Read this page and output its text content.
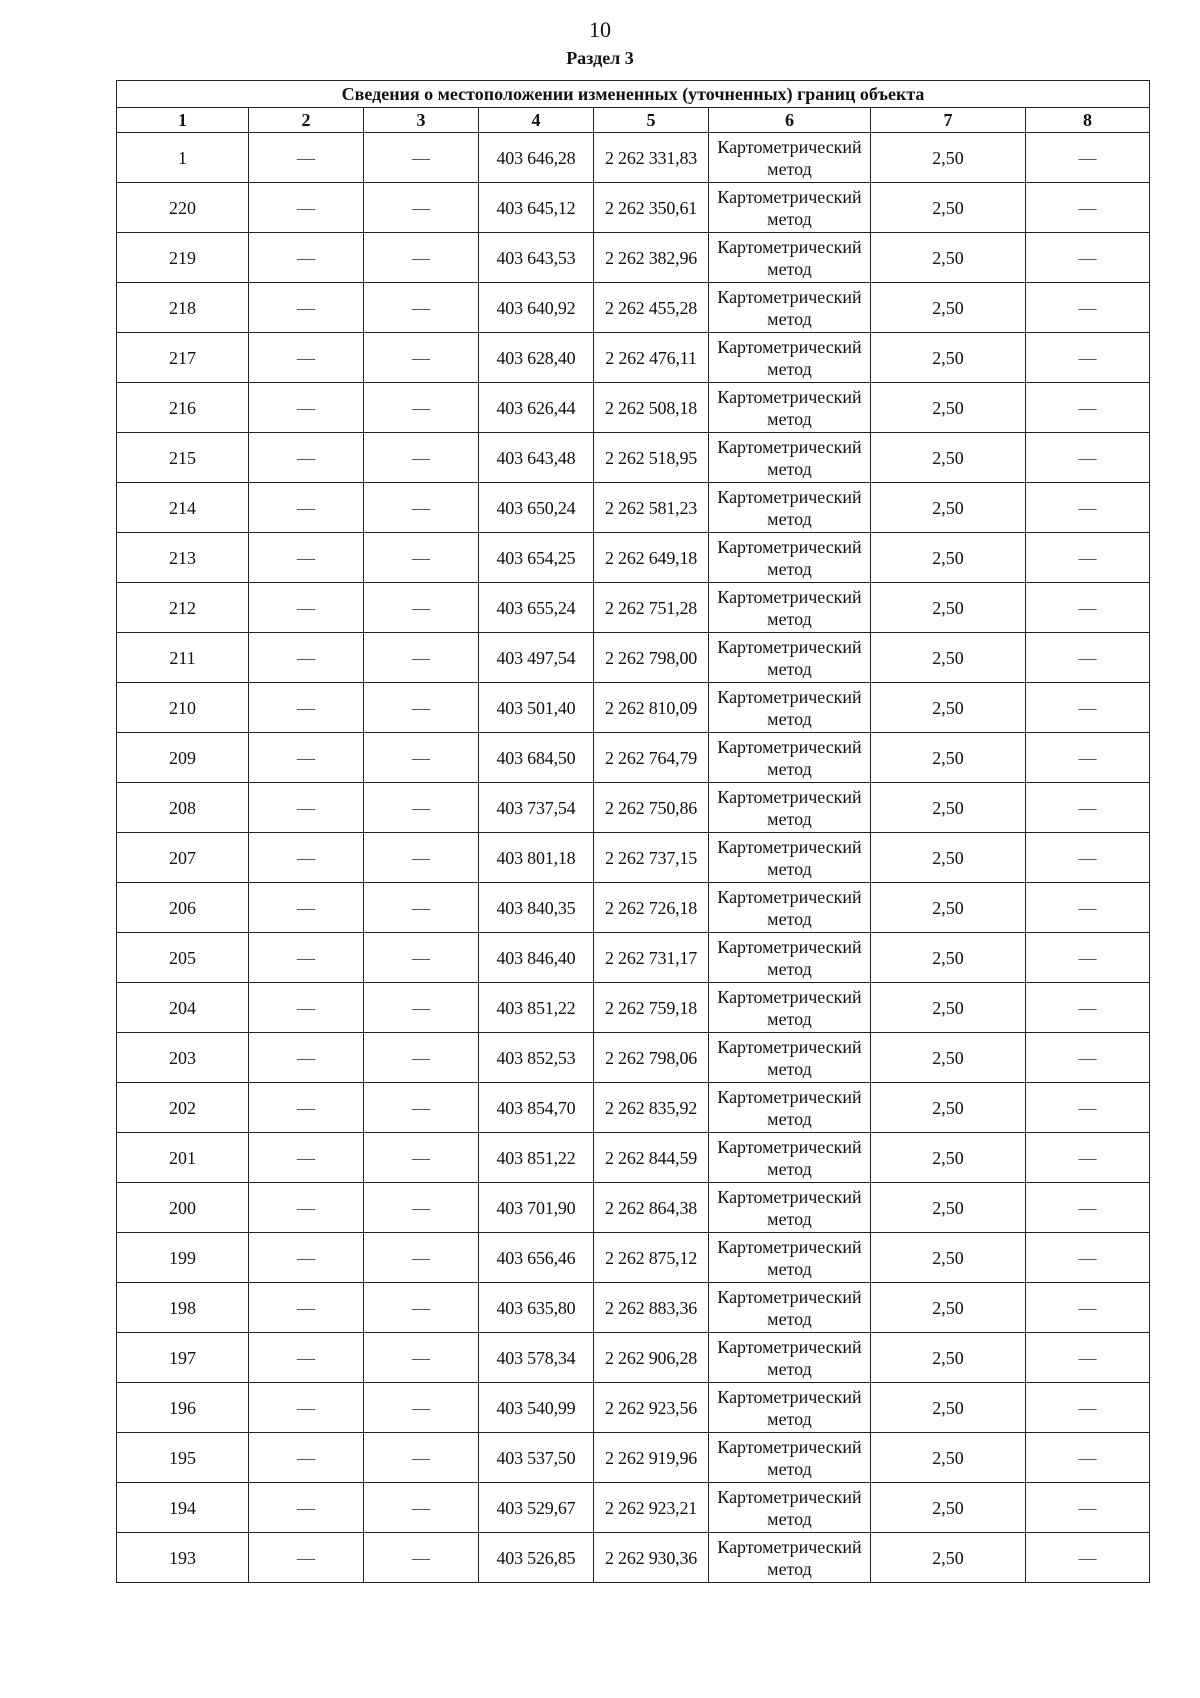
10
Раздел 3
Сведения о местоположении измененных (уточненных) границ объекта							
1	2	3	4	5	6	7	8
1	—	—	403 646,28	2 262 331,83	Картометрический метод	2,50	—
220	—	—	403 645,12	2 262 350,61	Картометрический метод	2,50	—
219	—	—	403 643,53	2 262 382,96	Картометрический метод	2,50	—
218	—	—	403 640,92	2 262 455,28	Картометрический метод	2,50	—
217	—	—	403 628,40	2 262 476,11	Картометрический метод	2,50	—
216	—	—	403 626,44	2 262 508,18	Картометрический метод	2,50	—
215	—	—	403 643,48	2 262 518,95	Картометрический метод	2,50	—
214	—	—	403 650,24	2 262 581,23	Картометрический метод	2,50	—
213	—	—	403 654,25	2 262 649,18	Картометрический метод	2,50	—
212	—	—	403 655,24	2 262 751,28	Картометрический метод	2,50	—
211	—	—	403 497,54	2 262 798,00	Картометрический метод	2,50	—
210	—	—	403 501,40	2 262 810,09	Картометрический метод	2,50	—
209	—	—	403 684,50	2 262 764,79	Картометрический метод	2,50	—
208	—	—	403 737,54	2 262 750,86	Картометрический метод	2,50	—
207	—	—	403 801,18	2 262 737,15	Картометрический метод	2,50	—
206	—	—	403 840,35	2 262 726,18	Картометрический метод	2,50	—
205	—	—	403 846,40	2 262 731,17	Картометрический метод	2,50	—
204	—	—	403 851,22	2 262 759,18	Картометрический метод	2,50	—
203	—	—	403 852,53	2 262 798,06	Картометрический метод	2,50	—
202	—	—	403 854,70	2 262 835,92	Картометрический метод	2,50	—
201	—	—	403 851,22	2 262 844,59	Картометрический метод	2,50	—
200	—	—	403 701,90	2 262 864,38	Картометрический метод	2,50	—
199	—	—	403 656,46	2 262 875,12	Картометрический метод	2,50	—
198	—	—	403 635,80	2 262 883,36	Картометрический метод	2,50	—
197	—	—	403 578,34	2 262 906,28	Картометрический метод	2,50	—
196	—	—	403 540,99	2 262 923,56	Картометрический метод	2,50	—
195	—	—	403 537,50	2 262 919,96	Картометрический метод	2,50	—
194	—	—	403 529,67	2 262 923,21	Картометрический метод	2,50	—
193	—	—	403 526,85	2 262 930,36	Картометрический метод	2,50	—
